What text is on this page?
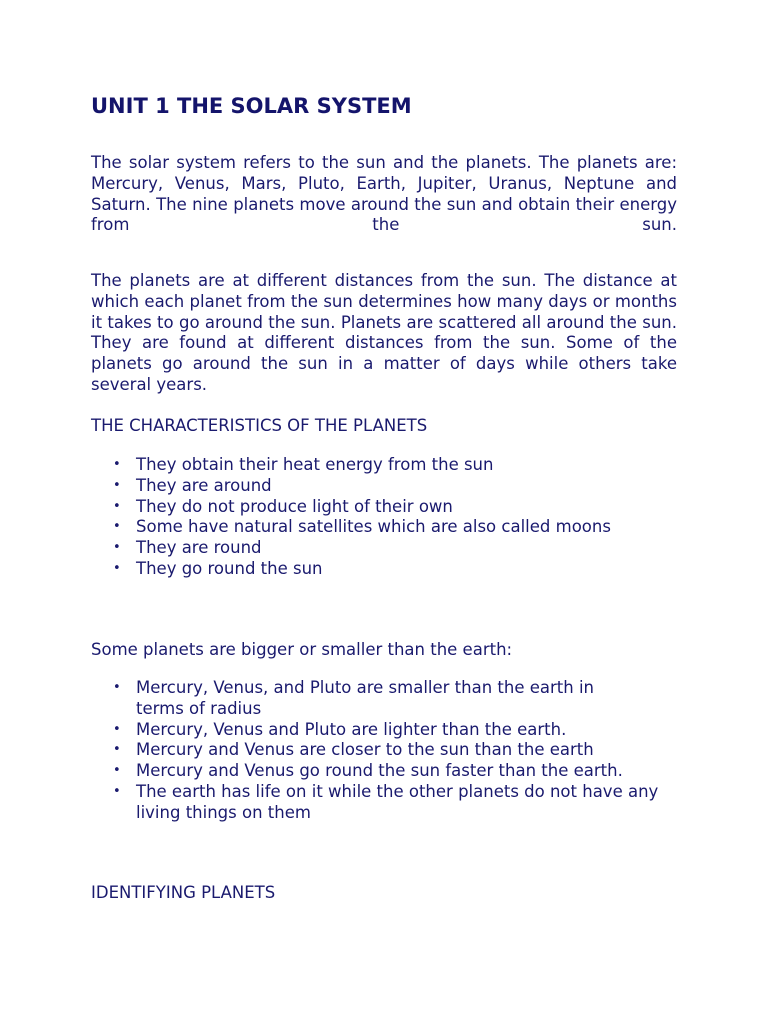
UNIT 1 THE SOLAR SYSTEM

The solar system refers to the sun and the planets. The planets are: Mercury, Venus, Mars, Pluto, Earth, Jupiter, Uranus, Neptune and Saturn. The nine planets move around the sun and obtain their energy from the sun.

The planets are at different distances from the sun. The distance at which each planet from the sun determines how many days or months it takes to go around the sun. Planets are scattered all around the sun. They are found at different distances from the sun. Some of the planets go around the sun in a matter of days while others take several years.

THE CHARACTERISTICS OF THE PLANETS
• They obtain their heat energy from the sun
• They are around
• They do not produce light of their own
• Some have natural satellites which are also called moons
• They are round
• They go round the sun
Some planets are bigger or smaller than the earth:
• Mercury, Venus, and Pluto are smaller than the earth in terms of radius
• Mercury, Venus and Pluto are lighter than the earth.
• Mercury and Venus are closer to the sun than the earth
• Mercury and Venus go round the sun faster than the earth.
• The earth has life on it while the other planets do not have any living things on them
IDENTIFYING PLANETS
